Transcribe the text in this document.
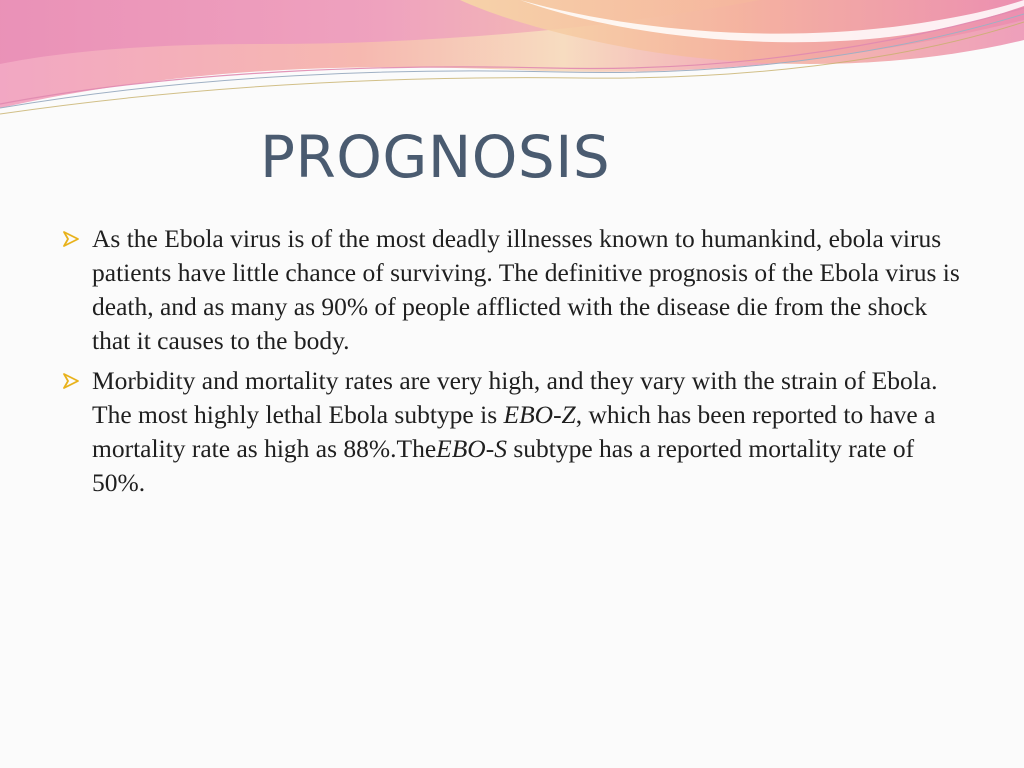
PROGNOSIS
As the Ebola virus is of the most deadly illnesses known to humankind, ebola virus patients have little chance of surviving. The definitive prognosis of the Ebola virus is death, and as many as 90% of people afflicted with the disease die from the shock that it causes to the body.
Morbidity and mortality rates are very high, and they vary with the strain of Ebola. The most highly lethal Ebola subtype is EBO-Z, which has been reported to have a mortality rate as high as 88%.TheEBO-S subtype has a reported mortality rate of 50%.
